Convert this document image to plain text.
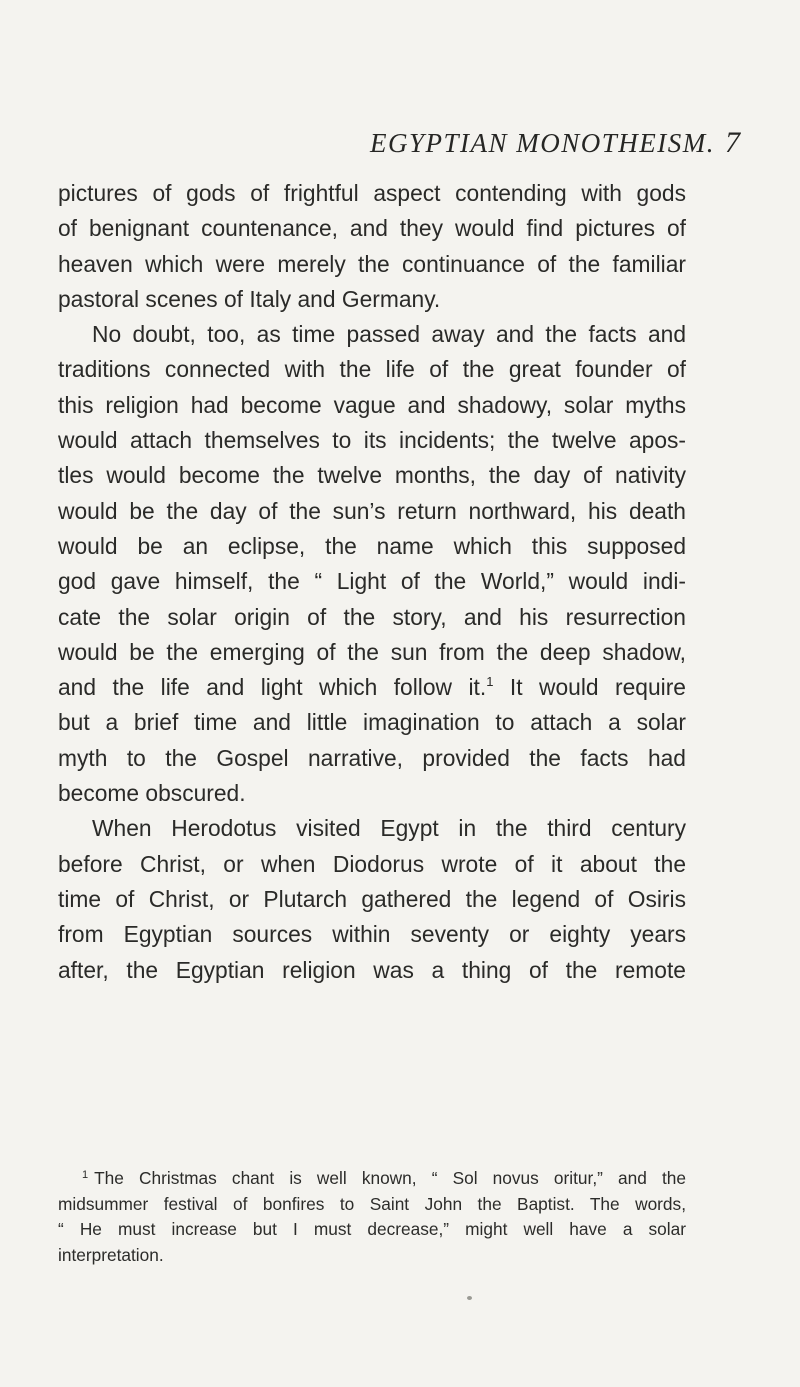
EGYPTIAN MONOTHEISM. 7
pictures of gods of frightful aspect contending with gods
of benignant countenance, and they would find pictures of
heaven which were merely the continuance of the familiar
pastoral scenes of Italy and Germany.
No doubt, too, as time passed away and the facts and
traditions connected with the life of the great founder of
this religion had become vague and shadowy, solar myths
would attach themselves to its incidents; the twelve apos-
tles would become the twelve months, the day of nativity
would be the day of the sun’s return northward, his death
would be an eclipse, the name which this supposed
god gave himself, the “ Light of the World,” would indi-
cate the solar origin of the story, and his resurrection
would be the emerging of the sun from the deep shadow,
and the life and light which follow it.$^1$ It would require
but a brief time and little imagination to attach a solar
myth to the Gospel narrative, provided the facts had
become obscured.
When Herodotus visited Egypt in the third century
before Christ, or when Diodorus wrote of it about the
time of Christ, or Plutarch gathered the legend of Osiris
from Egyptian sources within seventy or eighty years
after, the Egyptian religion was a thing of the remote
$^1$ The Christmas chant is well known, “ Sol novus oritur,” and the
midsummer festival of bonfires to Saint John the Baptist. The words,
“ He must increase but I must decrease,” might well have a solar
interpretation.
